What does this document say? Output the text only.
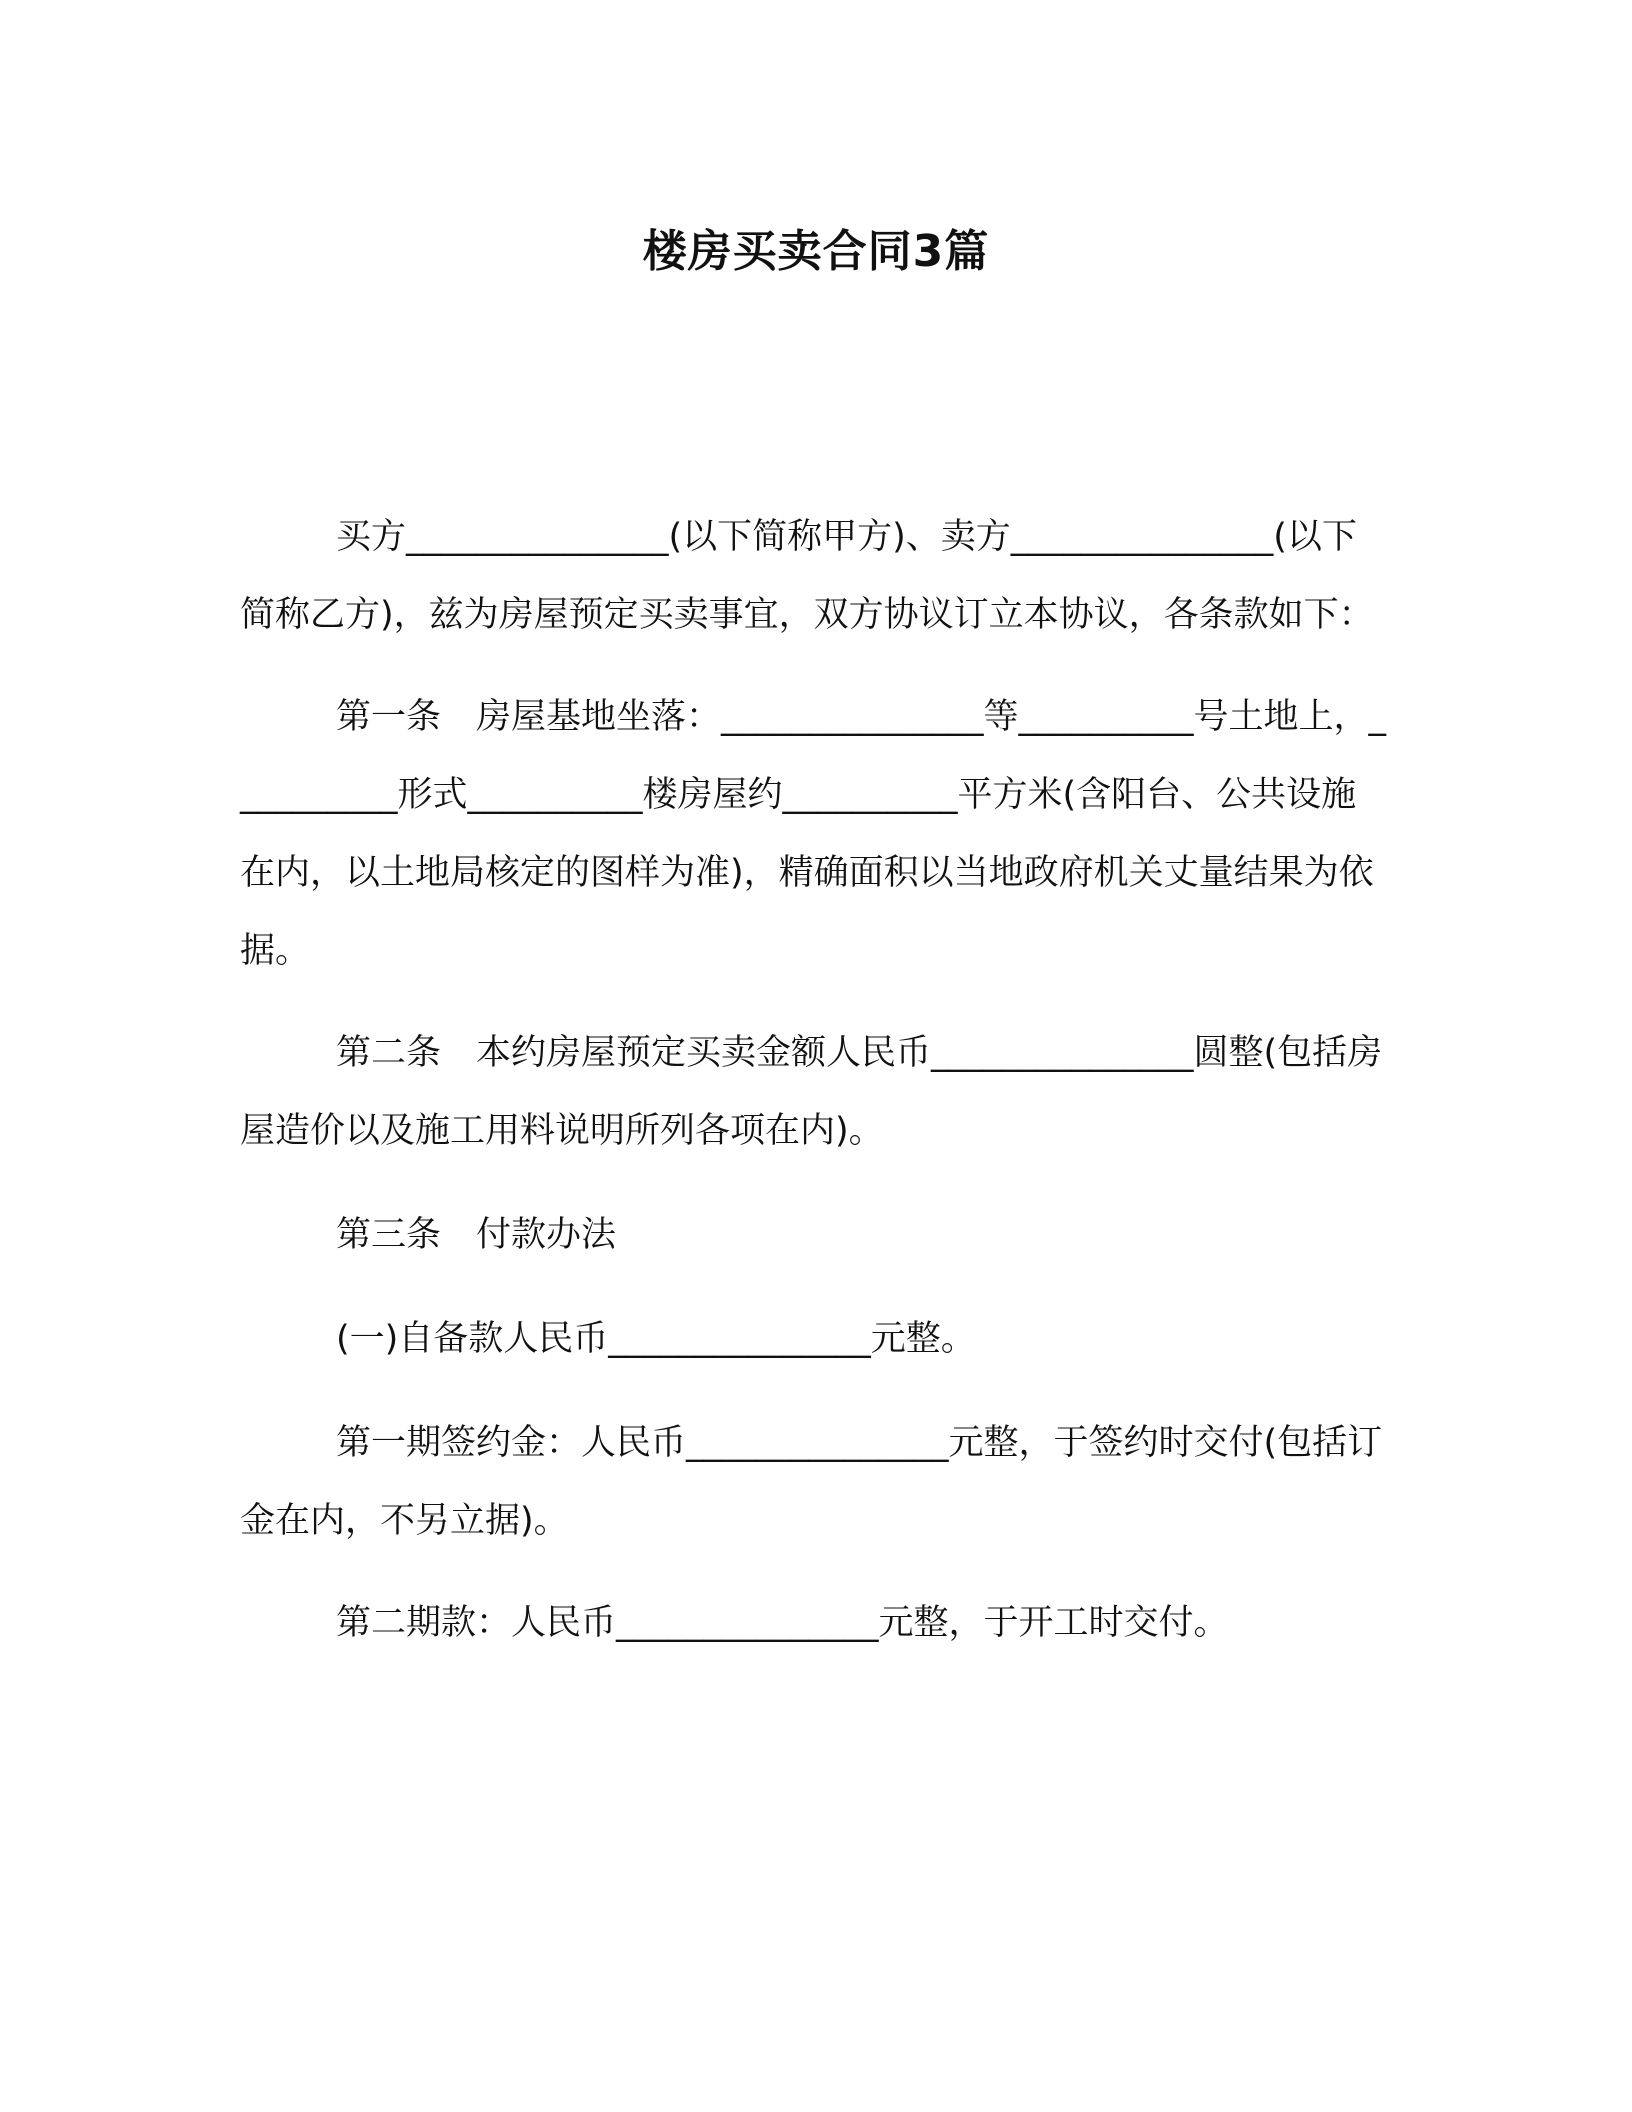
楼房买卖合同3篇

买方_______________(以下简称甲方)、卖方_______________(以下简称乙方)，兹为房屋预定买卖事宜，双方协议订立本协议，各条款如下：

第一条　房屋基地坐落：_______________等__________号土地上，__________形式__________楼房屋约__________平方米(含阳台、公共设施在内，以土地局核定的图样为准)，精确面积以当地政府机关丈量结果为依据。

第二条　本约房屋预定买卖金额人民币_______________圆整(包括房屋造价以及施工用料说明所列各项在内)。

第三条　付款办法

(一)自备款人民币_______________元整。

第一期签约金：人民币_______________元整，于签约时交付(包括订金在内，不另立据)。

第二期款：人民币_______________元整，于开工时交付。
